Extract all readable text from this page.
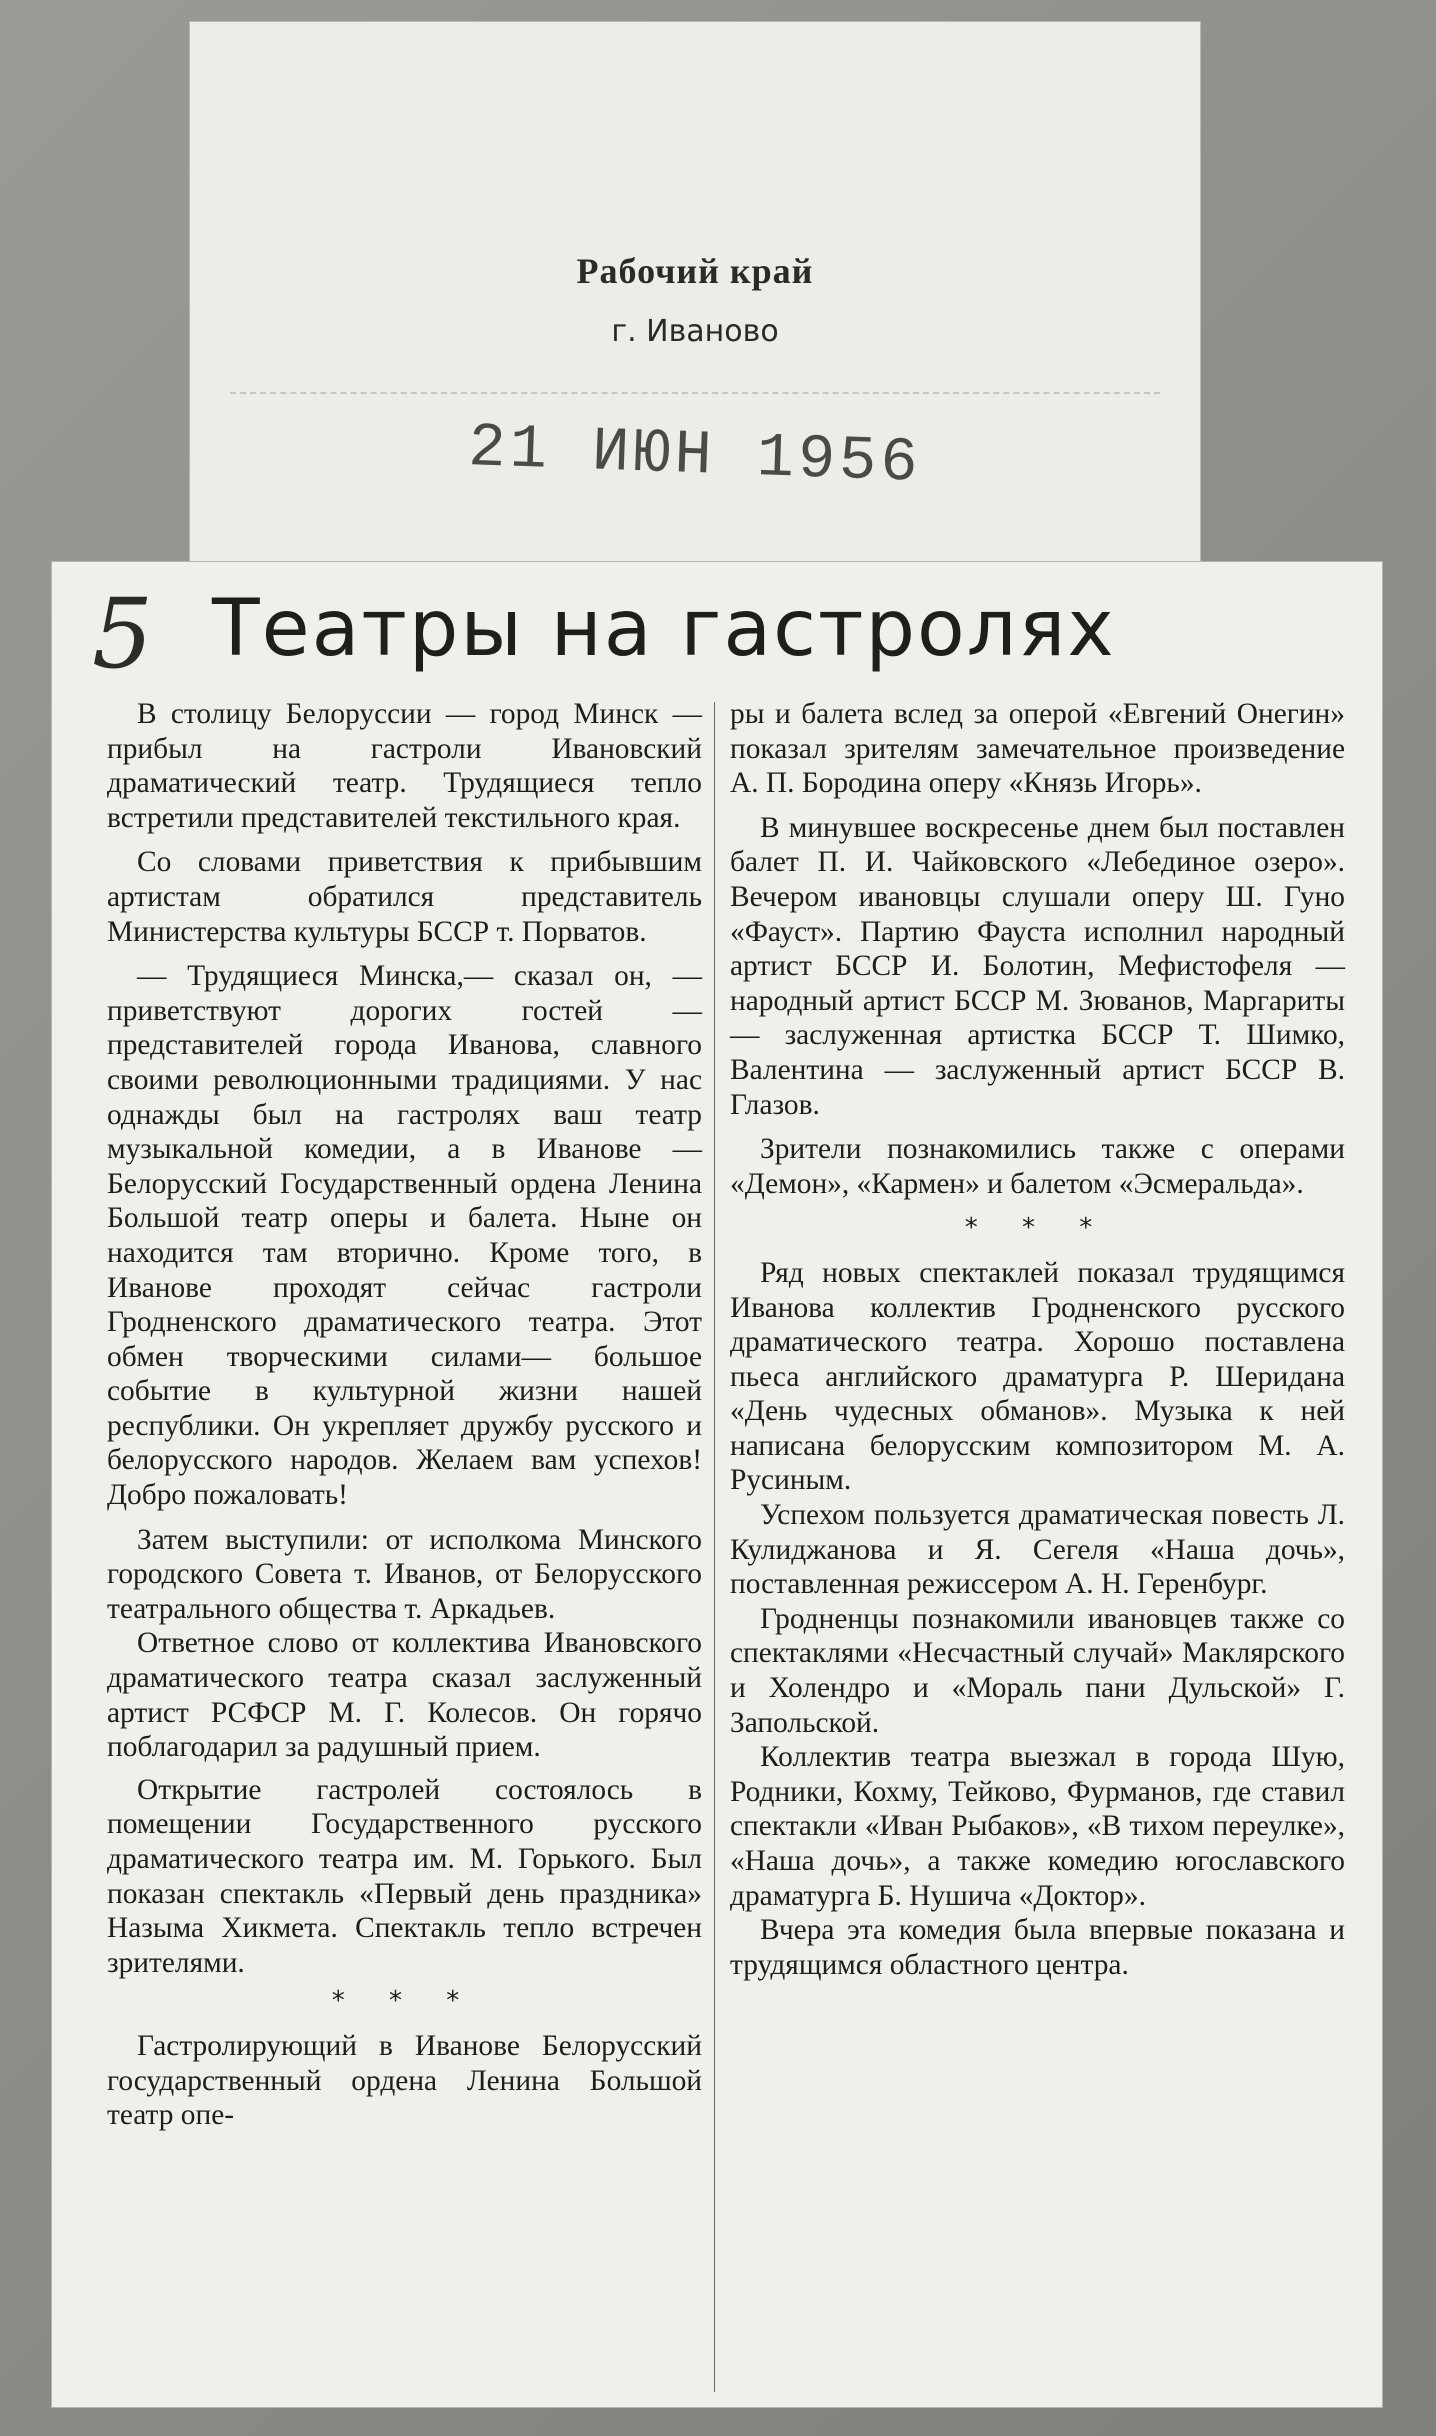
Рабочий край
г. Иваново
21 ИЮН 1956
5 Театры на гастролях

В столицу Белоруссии — город Минск — прибыл на гастроли Ивановский драматический театр. Трудящиеся тепло встретили представителей текстильного края.

Со словами приветствия к прибывшим артистам обратился представитель Министерства культуры БССР т. Порватов.

— Трудящиеся Минска,— сказал он, — приветствуют дорогих гостей — представителей города Иванова, славного своими революционными традициями. У нас однажды был на гастролях ваш театр музыкальной комедии, а в Иванове — Белорусский Государственный ордена Ленина Большой театр оперы и балета. Ныне он находится там вторично. Кроме того, в Иванове проходят сейчас гастроли Гродненского драматического театра. Этот обмен творческими силами— большое событие в культурной жизни нашей республики. Он укрепляет дружбу русского и белорусского народов. Желаем вам успехов! Добро пожаловать!

Затем выступили: от исполкома Минского городского Совета т. Иванов, от Белорусского театрального общества т. Аркадьев.

Ответное слово от коллектива Ивановского драматического театра сказал заслуженный артист РСФСР М. Г. Колесов. Он горячо поблагодарил за радушный прием.

Открытие гастролей состоялось в помещении Государственного русского драматического театра им. М. Горького. Был показан спектакль «Первый день праздника» Назыма Хикмета. Спектакль тепло встречен зрителями.

* * *

Гастролирующий в Иванове Белорусский государственный ордена Ленина Большой театр опе-

ры и балета вслед за оперой «Евгений Онегин» показал зрителям замечательное произведение А. П. Бородина оперу «Князь Игорь».

В минувшее воскресенье днем был поставлен балет П. И. Чайковского «Лебединое озеро». Вечером ивановцы слушали оперу Ш. Гуно «Фауст». Партию Фауста исполнил народный артист БССР И. Болотин, Мефистофеля — народный артист БССР М. Зюванов, Маргариты — заслуженная артистка БССР Т. Шимко, Валентина — заслуженный артист БССР В. Глазов.

Зрители познакомились также с операми «Демон», «Кармен» и балетом «Эсмеральда».

* * *

Ряд новых спектаклей показал трудящимся Иванова коллектив Гродненского русского драматического театра. Хорошо поставлена пьеса английского драматурга Р. Шеридана «День чудесных обманов». Музыка к ней написана белорусским композитором М. А. Русиным.

Успехом пользуется драматическая повесть Л. Кулиджанова и Я. Сегеля «Наша дочь», поставленная режиссером А. Н. Геренбург.

Гродненцы познакомили ивановцев также со спектаклями «Несчастный случай» Маклярского и Холендро и «Мораль пани Дульской» Г. Запольской.

Коллектив театра выезжал в города Шую, Родники, Кохму, Тейково, Фурманов, где ставил спектакли «Иван Рыбаков», «В тихом переулке», «Наша дочь», а также комедию югославского драматурга Б. Нушича «Доктор».

Вчера эта комедия была впервые показана и трудящимся областного центра.
